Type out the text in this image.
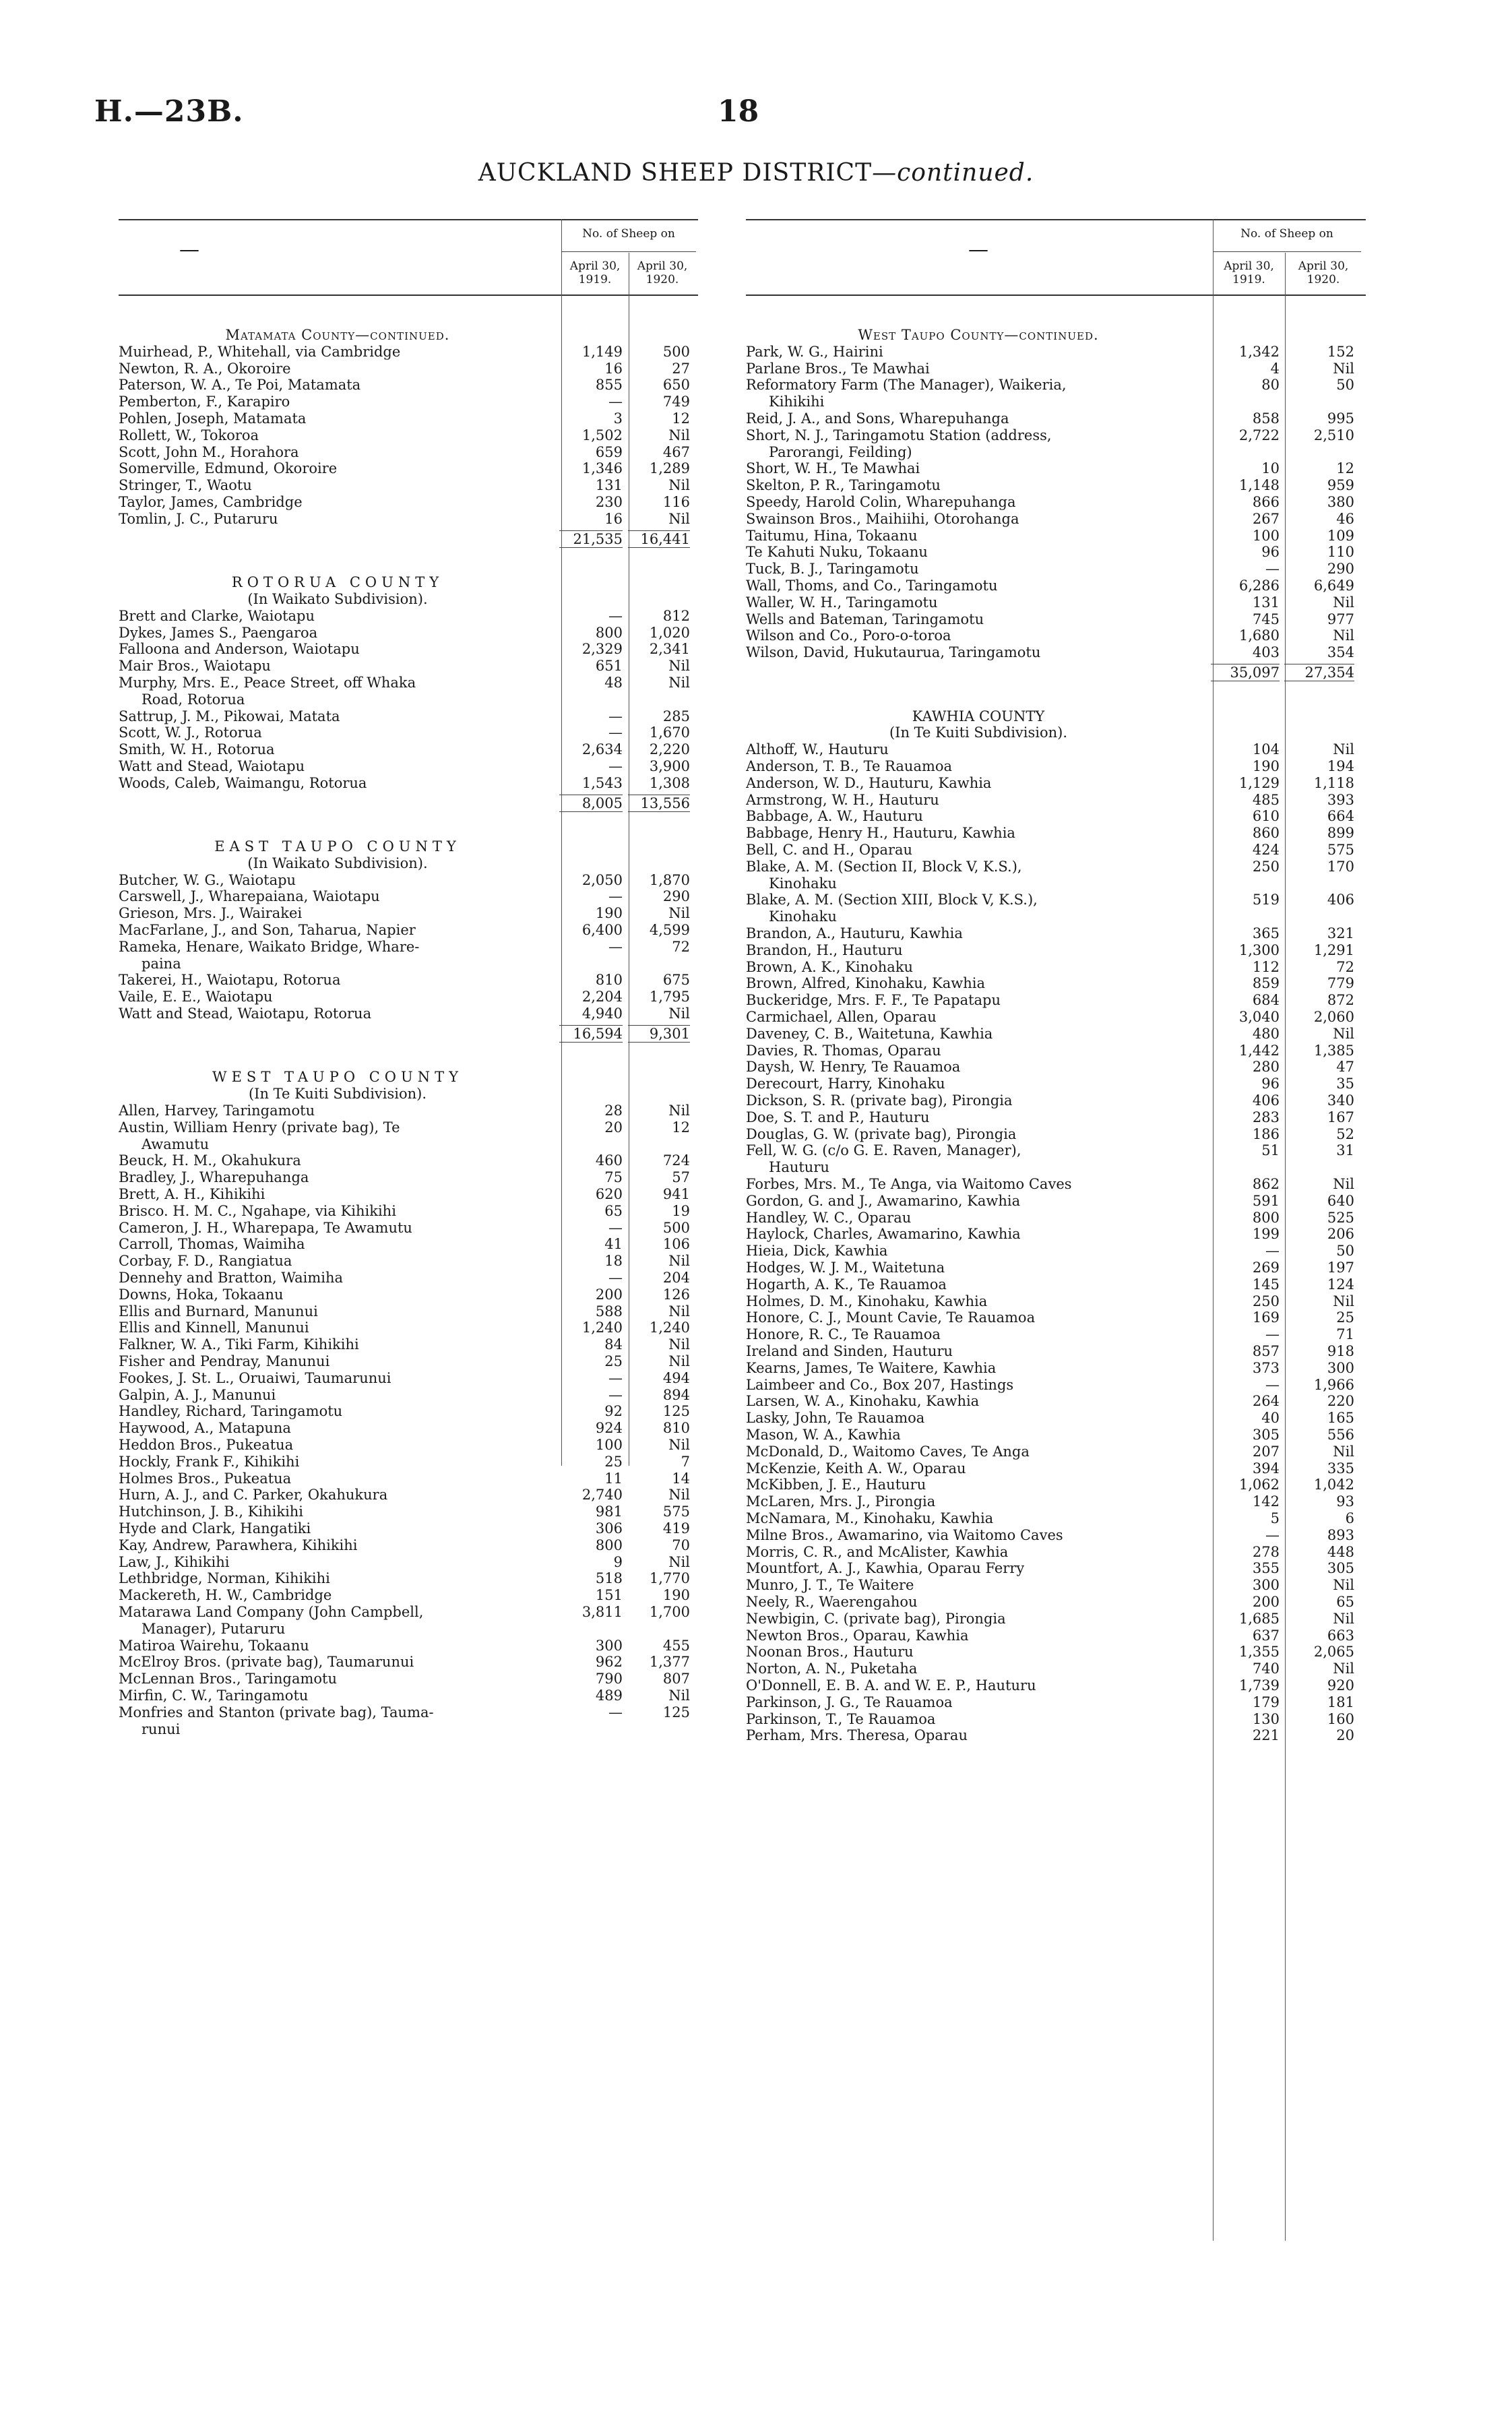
H.—23B.	18
AUCKLAND SHEEP DISTRICT—continued.
—
No. of Sheep on
April 30, 1919.
April 30, 1920.
Matamata County—continued.
Muirhead, P., Whitehall, via Cambridge	1,149	500
Newton, R. A., Okoroire	16	27
Paterson, W. A., Te Poi, Matamata	855	650
Pemberton, F., Karapiro	—	749
Pohlen, Joseph, Matamata	3	12
Rollett, W., Tokoroa	1,502	Nil
Scott, John M., Horahora	659	467
Somerville, Edmund, Okoroire	1,346	1,289
Stringer, T., Waotu	131	Nil
Taylor, James, Cambridge	230	116
Tomlin, J. C., Putaruru	16	Nil
21,535	16,441
ROTORUA COUNTY
(In Waikato Subdivision).
Brett and Clarke, Waiotapu	—	812
Dykes, James S., Paengaroa	800	1,020
Falloona and Anderson, Waiotapu	2,329	2,341
Mair Bros., Waiotapu	651	Nil
Murphy, Mrs. E., Peace Street, off Whaka	48	Nil
Road, Rotorua
Sattrup, J. M., Pikowai, Matata	—	285
Scott, W. J., Rotorua	—	1,670
Smith, W. H., Rotorua	2,634	2,220
Watt and Stead, Waiotapu	—	3,900
Woods, Caleb, Waimangu, Rotorua	1,543	1,308
8,005	13,556
EAST TAUPO COUNTY
(In Waikato Subdivision).
Butcher, W. G., Waiotapu	2,050	1,870
Carswell, J., Wharepaiana, Waiotapu	—	290
Grieson, Mrs. J., Wairakei	190	Nil
MacFarlane, J., and Son, Taharua, Napier	6,400	4,599
Rameka, Henare, Waikato Bridge, Whare-	—	72
paina
Takerei, H., Waiotapu, Rotorua	810	675
Vaile, E. E., Waiotapu	2,204	1,795
Watt and Stead, Waiotapu, Rotorua	4,940	Nil
16,594	9,301
WEST TAUPO COUNTY
(In Te Kuiti Subdivision).
Allen, Harvey, Taringamotu	28	Nil
Austin, William Henry (private bag), Te	20	12
Awamutu
Beuck, H. M., Okahukura	460	724
Bradley, J., Wharepuhanga	75	57
Brett, A. H., Kihikihi	620	941
Brisco. H. M. C., Ngahape, via Kihikihi	65	19
Cameron, J. H., Wharepapa, Te Awamutu	—	500
Carroll, Thomas, Waimiha	41	106
Corbay, F. D., Rangiatua	18	Nil
Dennehy and Bratton, Waimiha	—	204
Downs, Hoka, Tokaanu	200	126
Ellis and Burnard, Manunui	588	Nil
Ellis and Kinnell, Manunui	1,240	1,240
Falkner, W. A., Tiki Farm, Kihikihi	84	Nil
Fisher and Pendray, Manunui	25	Nil
Fookes, J. St. L., Oruaiwi, Taumarunui	—	494
Galpin, A. J., Manunui	—	894
Handley, Richard, Taringamotu	92	125
Haywood, A., Matapuna	924	810
Heddon Bros., Pukeatua	100	Nil
Hockly, Frank F., Kihikihi	25	7
Holmes Bros., Pukeatua	11	14
Hurn, A. J., and C. Parker, Okahukura	2,740	Nil
Hutchinson, J. B., Kihikihi	981	575
Hyde and Clark, Hangatiki	306	419
Kay, Andrew, Parawhera, Kihikihi	800	70
Law, J., Kihikihi	9	Nil
Lethbridge, Norman, Kihikihi	518	1,770
Mackereth, H. W., Cambridge	151	190
Matarawa Land Company (John Campbell,	3,811	1,700
Manager), Putaruru
Matiroa Wairehu, Tokaanu	300	455
McElroy Bros. (private bag), Taumarunui	962	1,377
McLennan Bros., Taringamotu	790	807
Mirfin, C. W., Taringamotu	489	Nil
Monfries and Stanton (private bag), Tauma-	—	125
runui
—
No. of Sheep on
April 30, 1919.
April 30, 1920.
West Taupo County—continued.
Park, W. G., Hairini	1,342	152
Parlane Bros., Te Mawhai	4	Nil
Reformatory Farm (The Manager), Waikeria,	80	50
Kihikihi
Reid, J. A., and Sons, Wharepuhanga	858	995
Short, N. J., Taringamotu Station (address,	2,722	2,510
Parorangi, Feilding)
Short, W. H., Te Mawhai	10	12
Skelton, P. R., Taringamotu	1,148	959
Speedy, Harold Colin, Wharepuhanga	866	380
Swainson Bros., Maihiihi, Otorohanga	267	46
Taitumu, Hina, Tokaanu	100	109
Te Kahuti Nuku, Tokaanu	96	110
Tuck, B. J., Taringamotu	—	290
Wall, Thoms, and Co., Taringamotu	6,286	6,649
Waller, W. H., Taringamotu	131	Nil
Wells and Bateman, Taringamotu	745	977
Wilson and Co., Poro-o-toroa	1,680	Nil
Wilson, David, Hukutaurua, Taringamotu	403	354
35,097	27,354
KAWHIA COUNTY
(In Te Kuiti Subdivision).
Althoff, W., Hauturu	104	Nil
Anderson, T. B., Te Rauamoa	190	194
Anderson, W. D., Hauturu, Kawhia	1,129	1,118
Armstrong, W. H., Hauturu	485	393
Babbage, A. W., Hauturu	610	664
Babbage, Henry H., Hauturu, Kawhia	860	899
Bell, C. and H., Oparau	424	575
Blake, A. M. (Section II, Block V, K.S.),	250	170
Kinohaku
Blake, A. M. (Section XIII, Block V, K.S.),	519	406
Kinohaku
Brandon, A., Hauturu, Kawhia	365	321
Brandon, H., Hauturu	1,300	1,291
Brown, A. K., Kinohaku	112	72
Brown, Alfred, Kinohaku, Kawhia	859	779
Buckeridge, Mrs. F. F., Te Papatapu	684	872
Carmichael, Allen, Oparau	3,040	2,060
Daveney, C. B., Waitetuna, Kawhia	480	Nil
Davies, R. Thomas, Oparau	1,442	1,385
Daysh, W. Henry, Te Rauamoa	280	47
Derecourt, Harry, Kinohaku	96	35
Dickson, S. R. (private bag), Pirongia	406	340
Doe, S. T. and P., Hauturu	283	167
Douglas, G. W. (private bag), Pirongia	186	52
Fell, W. G. (c/o G. E. Raven, Manager),	51	31
Hauturu
Forbes, Mrs. M., Te Anga, via Waitomo Caves	862	Nil
Gordon, G. and J., Awamarino, Kawhia	591	640
Handley, W. C., Oparau	800	525
Haylock, Charles, Awamarino, Kawhia	199	206
Hieia, Dick, Kawhia	—	50
Hodges, W. J. M., Waitetuna	269	197
Hogarth, A. K., Te Rauamoa	145	124
Holmes, D. M., Kinohaku, Kawhia	250	Nil
Honore, C. J., Mount Cavie, Te Rauamoa	169	25
Honore, R. C., Te Rauamoa	—	71
Ireland and Sinden, Hauturu	857	918
Kearns, James, Te Waitere, Kawhia	373	300
Laimbeer and Co., Box 207, Hastings	—	1,966
Larsen, W. A., Kinohaku, Kawhia	264	220
Lasky, John, Te Rauamoa	40	165
Mason, W. A., Kawhia	305	556
McDonald, D., Waitomo Caves, Te Anga	207	Nil
McKenzie, Keith A. W., Oparau	394	335
McKibben, J. E., Hauturu	1,062	1,042
McLaren, Mrs. J., Pirongia	142	93
McNamara, M., Kinohaku, Kawhia	5	6
Milne Bros., Awamarino, via Waitomo Caves	—	893
Morris, C. R., and McAlister, Kawhia	278	448
Mountfort, A. J., Kawhia, Oparau Ferry	355	305
Munro, J. T., Te Waitere	300	Nil
Neely, R., Waerengahou	200	65
Newbigin, C. (private bag), Pirongia	1,685	Nil
Newton Bros., Oparau, Kawhia	637	663
Noonan Bros., Hauturu	1,355	2,065
Norton, A. N., Puketaha	740	Nil
O'Donnell, E. B. A. and W. E. P., Hauturu	1,739	920
Parkinson, J. G., Te Rauamoa	179	181
Parkinson, T., Te Rauamoa	130	160
Perham, Mrs. Theresa, Oparau	221	20
